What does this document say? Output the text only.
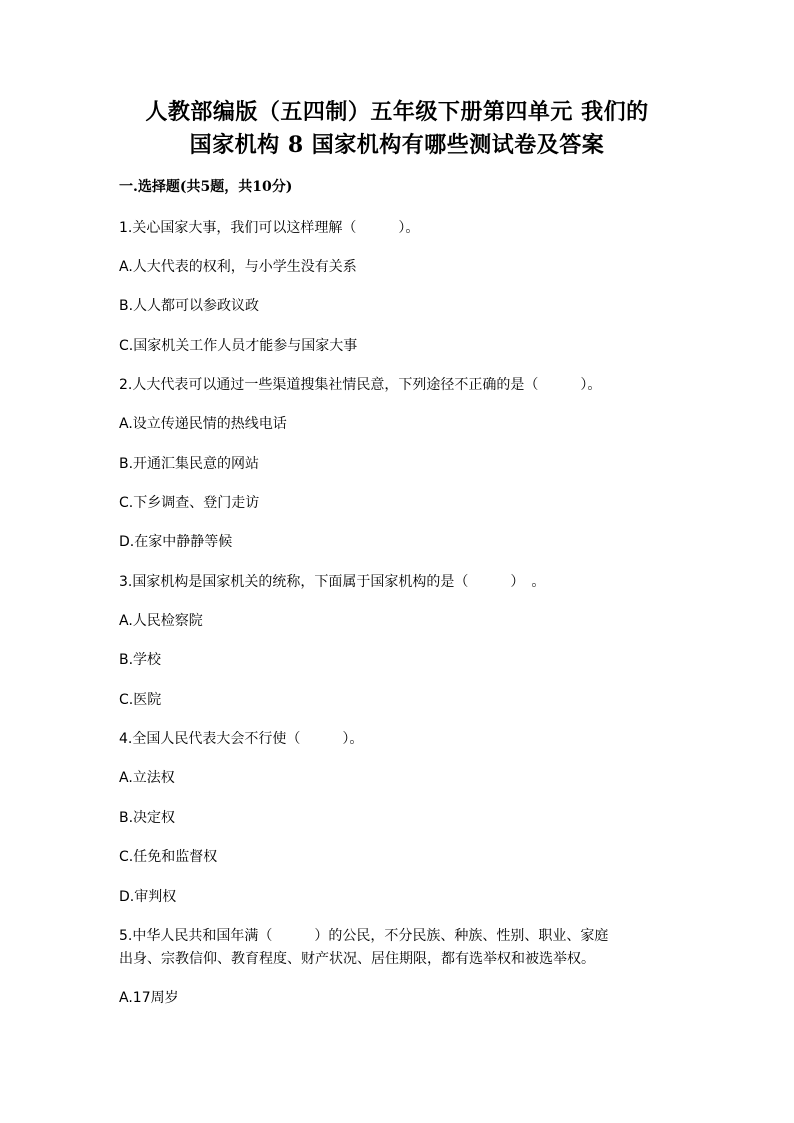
人教部编版（五四制）五年级下册第四单元 我们的
国家机构 8 国家机构有哪些测试卷及答案
一.选择题(共5题，共10分)
1.关心国家大事，我们可以这样理解（　　　）。
A.人大代表的权利，与小学生没有关系
B.人人都可以参政议政
C.国家机关工作人员才能参与国家大事
2.人大代表可以通过一些渠道搜集社情民意，下列途径不正确的是（　　　）。
A.设立传递民情的热线电话
B.开通汇集民意的网站
C.下乡调查、登门走访
D.在家中静静等候
3.国家机构是国家机关的统称，下面属于国家机构的是（　　　）　。
A.人民检察院
B.学校
C.医院
4.全国人民代表大会不行使（　　　）。
A.立法权
B.决定权
C.任免和监督权
D.审判权
5.中华人民共和国年满（　　　）的公民，不分民族、种族、性别、职业、家庭
出身、宗教信仰、教育程度、财产状况、居住期限，都有选举权和被选举权。
A.17周岁
